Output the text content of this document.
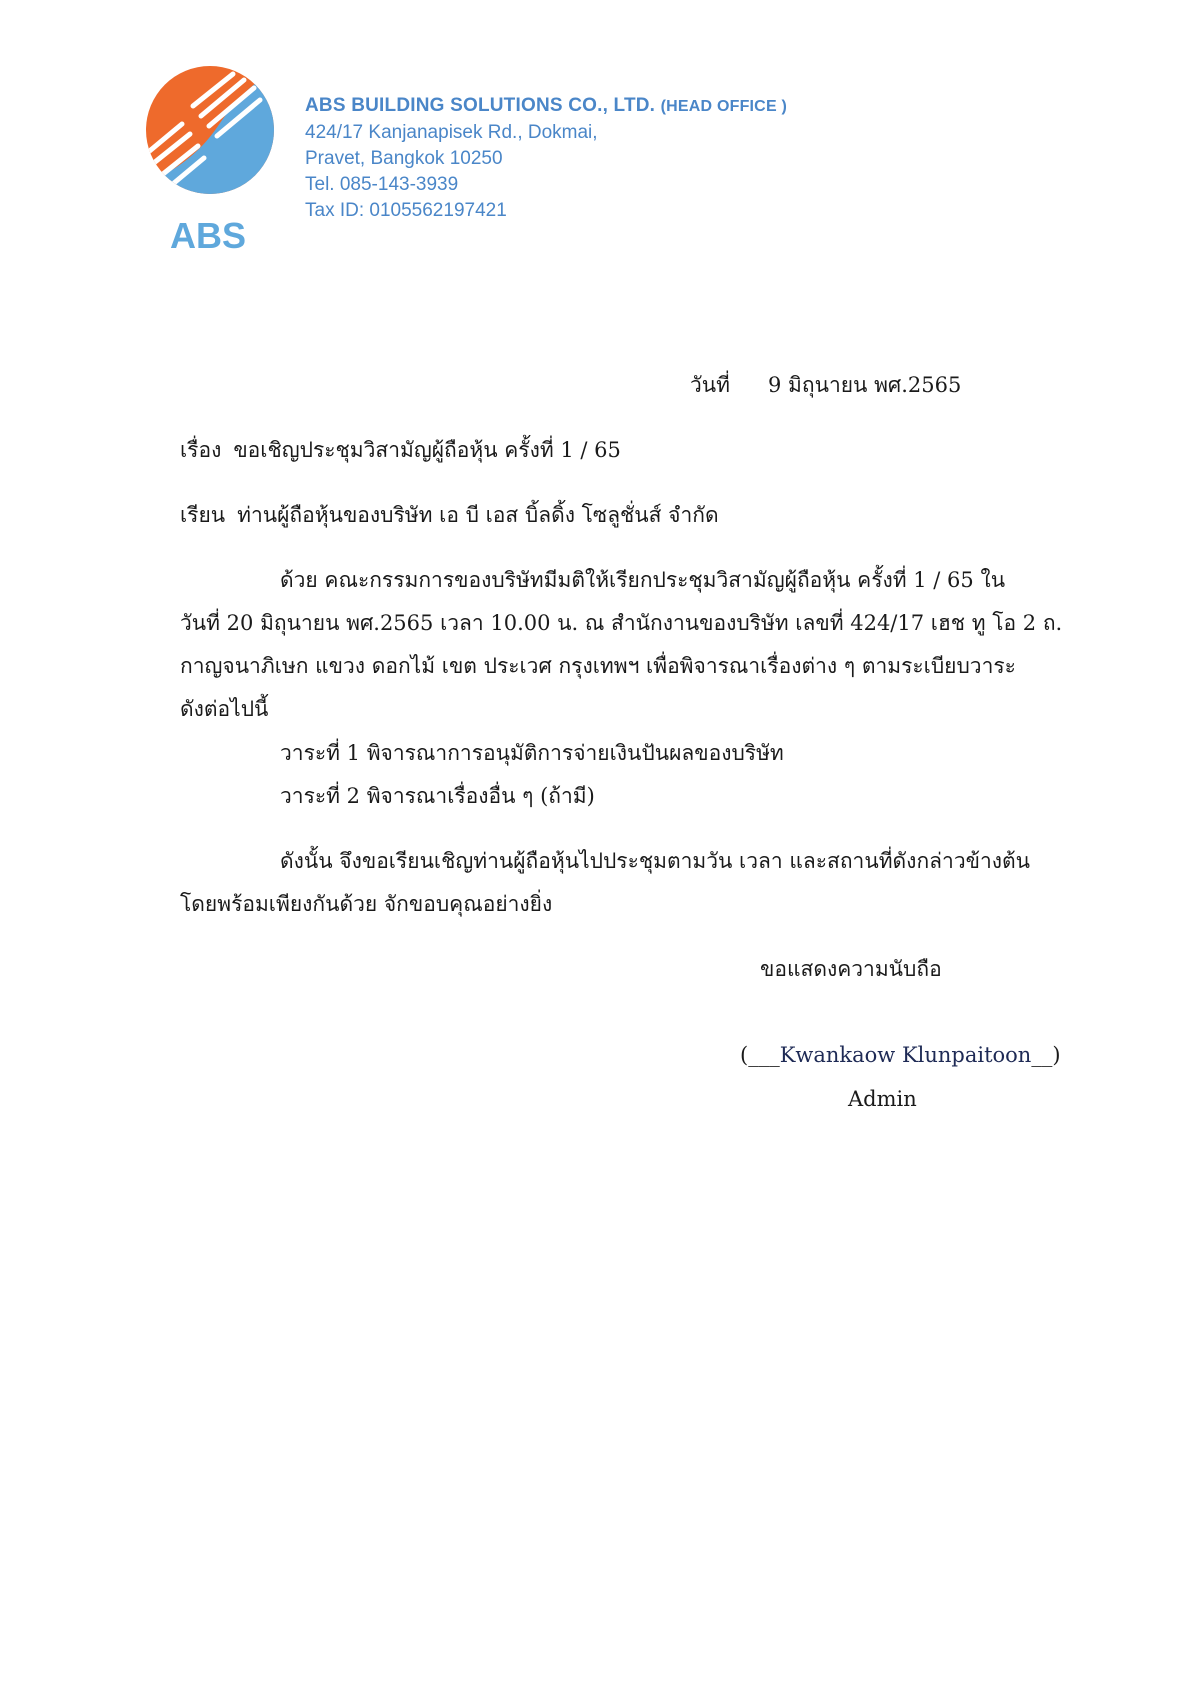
ABS
ABS BUILDING SOLUTIONS CO., LTD. (HEAD OFFICE )
424/17 Kanjanapisek Rd., Dokmai,
Pravet, Bangkok 10250
Tel. 085-143-3939
Tax ID: 0105562197421
วันที่ 9 มิถุนายน พศ.2565
เรื่อง ขอเชิญประชุมวิสามัญผู้ถือหุ้น ครั้งที่ 1 / 65
เรียน ท่านผู้ถือหุ้นของบริษัท เอ บี เอส บิ้ลดิ้ง โซลูชั่นส์ จำกัด
ด้วย คณะกรรมการของบริษัทมีมติให้เรียกประชุมวิสามัญผู้ถือหุ้น ครั้งที่ 1 / 65 ใน
วันที่ 20 มิถุนายน พศ.2565 เวลา 10.00 น. ณ สำนักงานของบริษัท เลขที่ 424/17 เฮช ทู โอ 2 ถ.
กาญจนาภิเษก แขวง ดอกไม้ เขต ประเวศ กรุงเทพฯ เพื่อพิจารณาเรื่องต่าง ๆ ตามระเบียบวาระ
ดังต่อไปนี้
วาระที่ 1 พิจารณาการอนุมัติการจ่ายเงินปันผลของบริษัท
วาระที่ 2 พิจารณาเรื่องอื่น ๆ (ถ้ามี)
ดังนั้น จึงขอเรียนเชิญท่านผู้ถือหุ้นไปประชุมตามวัน เวลา และสถานที่ดังกล่าวข้างต้น
โดยพร้อมเพียงกันด้วย จักขอบคุณอย่างยิ่ง
ขอแสดงความนับถือ
(___Kwankaow Klunpaitoon__)
Admin
